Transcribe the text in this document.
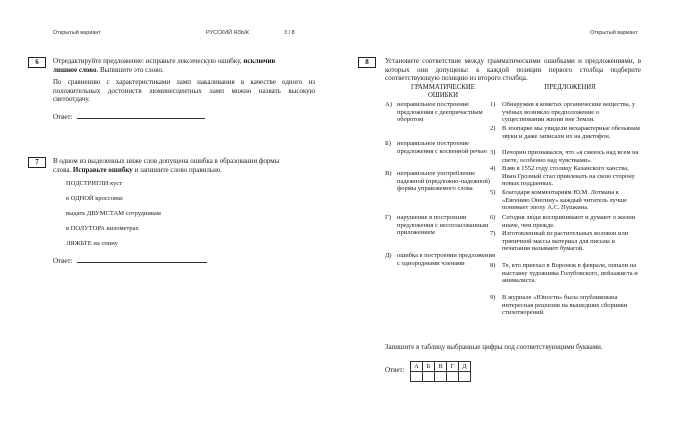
Открытый вариант	РУССКИЙ ЯЗЫК	3 / 8	Открытый вариант
6	Отредактируйте предложение: исправьте лексическую ошибку, исключив
лишнее слово. Выпишите это слово.
По сравнению с характеристиками ламп накаливания в качестве одного из положительных достоинств люминесцентных ламп можно назвать высокую светоотдачу.
Ответ:
7	В одном из выделенных ниже слов допущена ошибка в образовании формы
слова. Исправьте ошибку и запишите слово правильно.
ПОДСТРИГЛИ куст
в ОДНОЙ кроссовке
выдать ДВУМСТАМ сотрудникам
в ПОЛУТОРА километрах
ЛЯЖЬТЕ на спину
Ответ:
8	Установите соответствие между грамматическими ошибками и предложениями, в которых они допущены: к каждой позиции первого столбца подберите соответствующую позицию из второго столбца.
ГРАММАТИЧЕСКИЕ
ОШИБКИ
ПРЕДЛОЖЕНИЯ
А) неправильное построение предложения с деепричастным оборотом
Б) неправильное построение предложения с косвенной речью
В) неправильное употребление падежной (предложно-падежной) формы управляемого слова
Г) нарушение в построении предложения с несогласованным приложением
Д) ошибка в построении предложения с однородными членами
1) Обнаружив в кометах органические вещества, у учёных возникло предположение о существовании жизни вне Земли.
2) В зоопарке мы увидели нехарактерные обезьянам звуки и даже записали их на диктофон.
3) Печорин признавался, что «я смеюсь над всем на свете, особенно над чувствами».
4) Взяв в 1552 году столицу Казанского ханства, Иван Грозный стал привлекать на свою сторону новых подданных.
5) Благодаря комментариям Ю.М. Лотмана к «Евгению Онегину» каждый читатель лучше понимает эпоху А.С. Пушкина.
6) Сегодня люди воспринимают и думают о жизни иначе, чем прежде.
7) Изготовленный из растительных волокон или тряпичной массы материал для письма и печатания называют бумагой.
8) Те, кто приехал в Воронеж в феврале, попали на выставку художника Голубовского, пейзажиста и анималиста.
9) В журнале «Юности» была опубликована интересная рецензия на вышедшие сборники стихотворений.
Запишите в таблицу выбранные цифры под соответствующими буквами.
Ответ: А	Б	В	Г	Д
